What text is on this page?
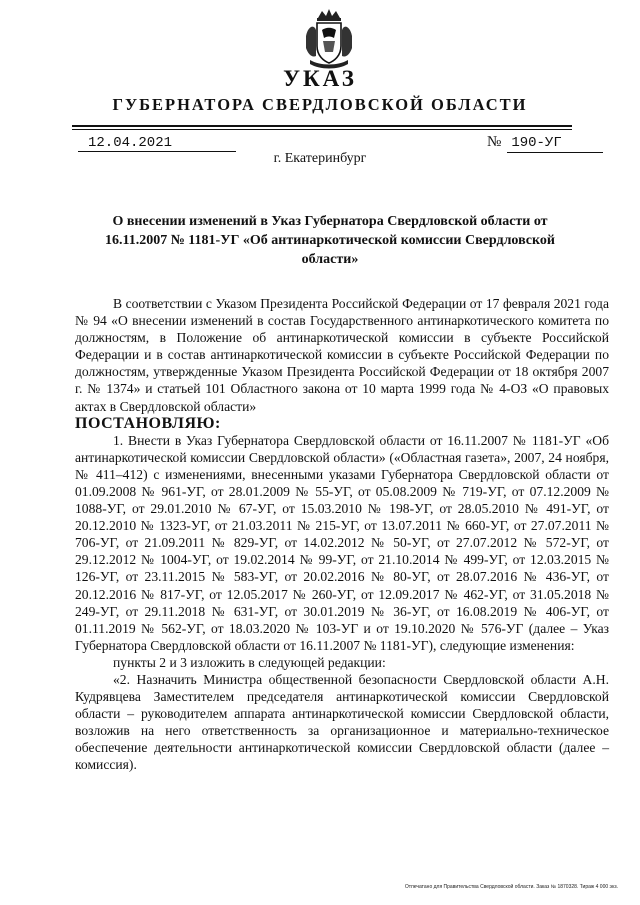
УКАЗ
ГУБЕРНАТОРА СВЕРДЛОВСКОЙ ОБЛАСТИ
12.04.2021	№ 190-УГ
г. Екатеринбург
О внесении изменений в Указ Губернатора Свердловской области от 16.11.2007 № 1181-УГ «Об антинаркотической комиссии Свердловской области»

В соответствии с Указом Президента Российской Федерации от 17 февраля 2021 года № 94 «О внесении изменений в состав Государственного антинаркотического комитета по должностям, в Положение об антинаркотической комиссии в субъекте Российской Федерации и в состав антинаркотической комиссии в субъекте Российской Федерации по должностям, утвержденные Указом Президента Российской Федерации от 18 октября 2007 г. № 1374» и статьей 101 Областного закона от 10 марта 1999 года № 4-ОЗ «О правовых актах в Свердловской области»

ПОСТАНОВЛЯЮ:

1. Внести в Указ Губернатора Свердловской области от 16.11.2007 № 1181-УГ «Об антинаркотической комиссии Свердловской области» («Областная газета», 2007, 24 ноября, № 411–412) с изменениями, внесенными указами Губернатора Свердловской области от 01.09.2008 № 961-УГ, от 28.01.2009 № 55-УГ, от 05.08.2009 № 719-УГ, от 07.12.2009 № 1088-УГ, от 29.01.2010 № 67-УГ, от 15.03.2010 № 198-УГ, от 28.05.2010 № 491-УГ, от 20.12.2010 № 1323-УГ, от 21.03.2011 № 215-УГ, от 13.07.2011 № 660-УГ, от 27.07.2011 № 706-УГ, от 21.09.2011 № 829-УГ, от 14.02.2012 № 50-УГ, от 27.07.2012 № 572-УГ, от 29.12.2012 № 1004-УГ, от 19.02.2014 № 99-УГ, от 21.10.2014 № 499-УГ, от 12.03.2015 № 126-УГ, от 23.11.2015 № 583-УГ, от 20.02.2016 № 80-УГ, от 28.07.2016 № 436-УГ, от 20.12.2016 № 817-УГ, от 12.05.2017 № 260-УГ, от 12.09.2017 № 462-УГ, от 31.05.2018 № 249-УГ, от 29.11.2018 № 631-УГ, от 30.01.2019 № 36-УГ, от 16.08.2019 № 406-УГ, от 01.11.2019 № 562-УГ, от 18.03.2020 № 103-УГ и от 19.10.2020 № 576-УГ (далее – Указ Губернатора Свердловской области от 16.11.2007 № 1181-УГ), следующие изменения:

пункты 2 и 3 изложить в следующей редакции:

«2. Назначить Министра общественной безопасности Свердловской области А.Н. Кудрявцева Заместителем председателя антинаркотической комиссии Свердловской области – руководителем аппарата антинаркотической комиссии Свердловской области, возложив на него ответственность за организационное и материально-техническое обеспечение деятельности антинаркотической комиссии Свердловской области (далее – комиссия).

Отпечатано для Правительства Свердловской области. Заказ № 1870328. Тираж 4 000 экз.
